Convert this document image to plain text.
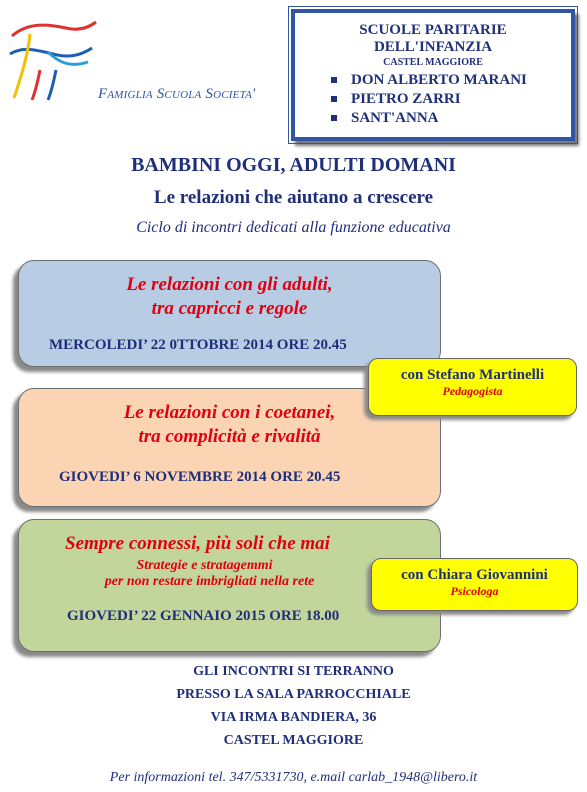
Famiglia Scuola Societa'
SCUOLE PARITARIE
DELL'INFANZIA
CASTEL MAGGIORE
DON ALBERTO MARANI
PIETRO ZARRI
SANT'ANNA
BAMBINI OGGI, ADULTI DOMANI
Le relazioni che aiutano a crescere
Ciclo di incontri dedicati alla funzione educativa
Le relazioni con gli adulti,
tra capricci e regole
MERCOLEDI’ 22 0TTOBRE 2014 ORE 20.45
Le relazioni con i coetanei,
tra complicità e rivalità
GIOVEDI’ 6 NOVEMBRE 2014 ORE 20.45
Sempre connessi, più soli che mai
Strategie e stratagemmi
per non restare imbrigliati nella rete
GIOVEDI’ 22 GENNAIO 2015 ORE 18.00
con Stefano Martinelli
Pedagogista
con Chiara Giovannini
Psicologa
GLI INCONTRI SI TERRANNO
PRESSO LA SALA PARROCCHIALE
VIA IRMA BANDIERA, 36
CASTEL MAGGIORE
Per informazioni tel. 347/5331730, e.mail carlab_1948@libero.it
